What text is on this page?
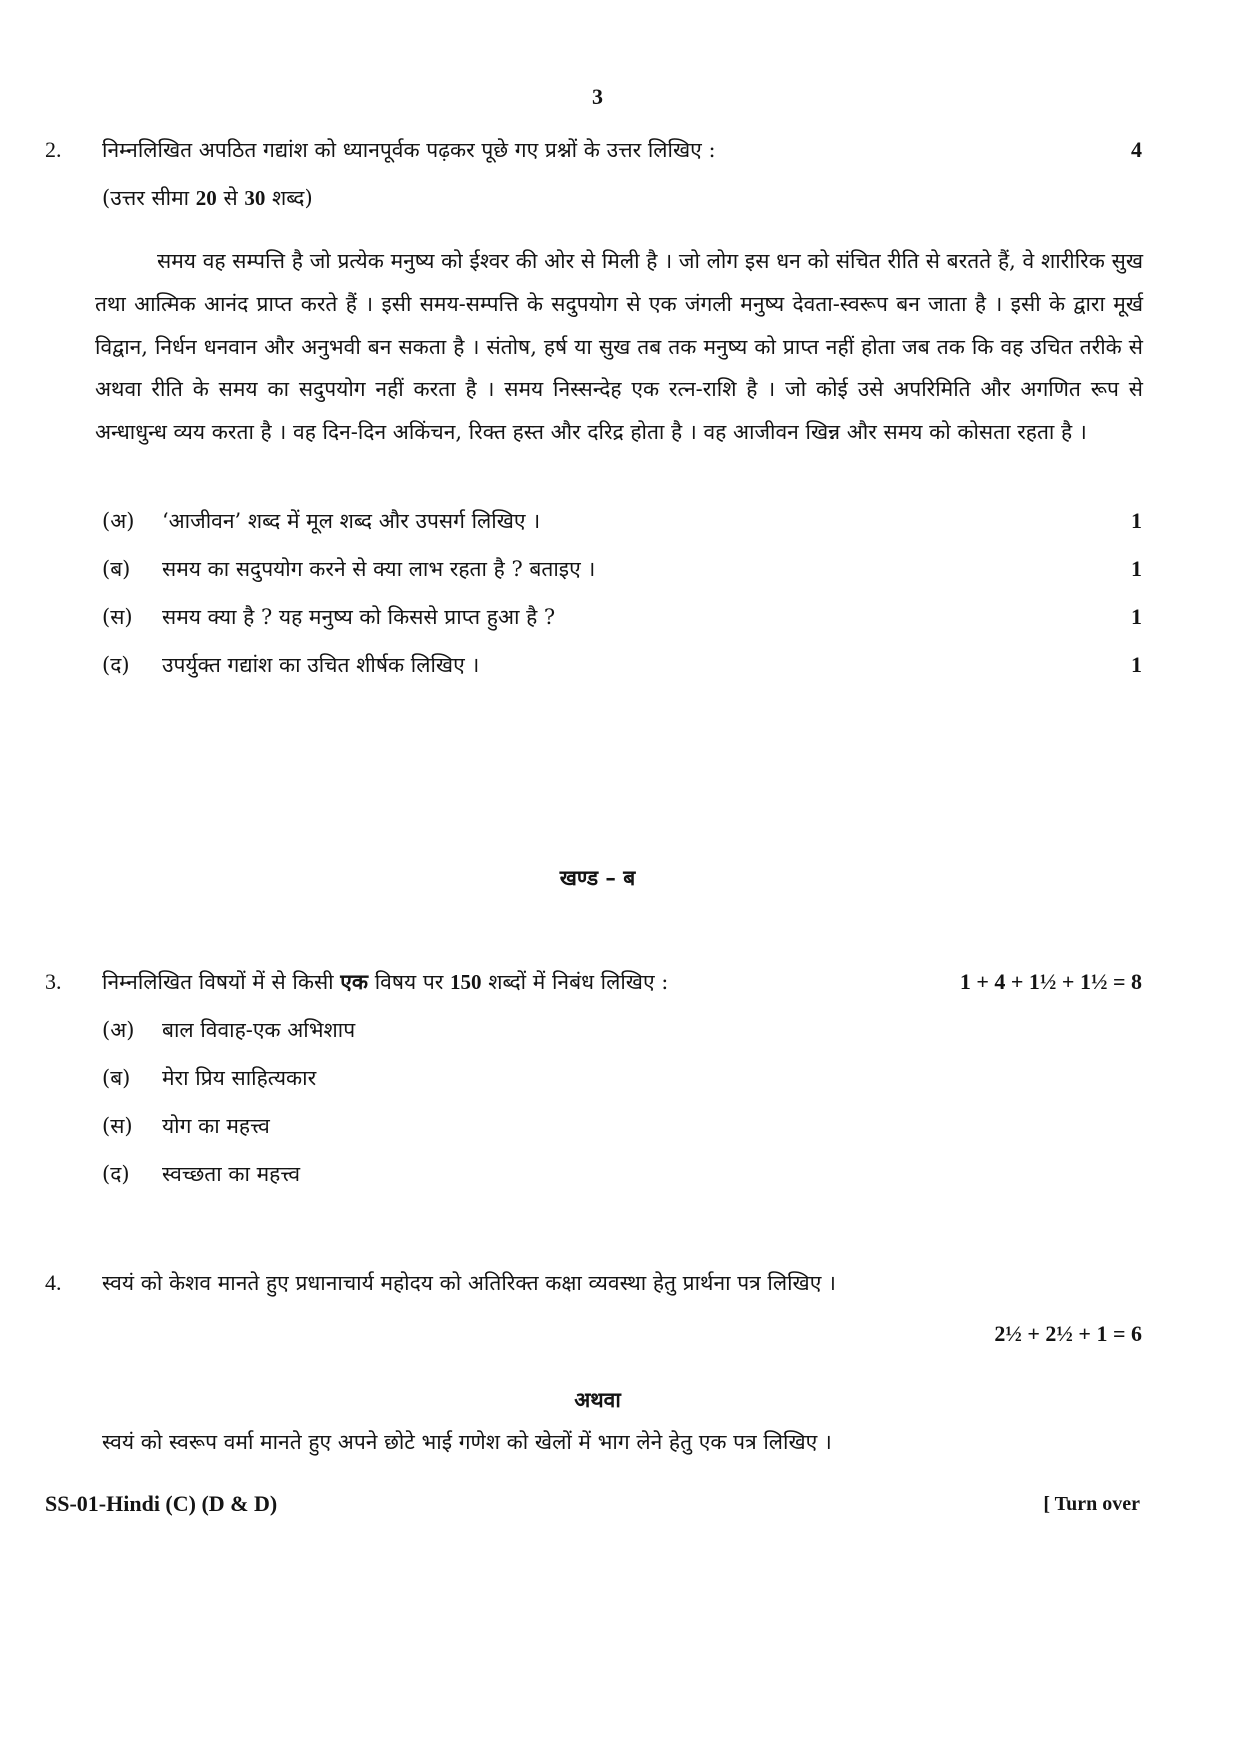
3
2. निम्नलिखित अपठित गद्यांश को ध्यानपूर्वक पढ़कर पूछे गए प्रश्नों के उत्तर लिखिए :	4
(उत्तर सीमा 20 से 30 शब्द)
समय वह सम्पत्ति है जो प्रत्येक मनुष्य को ईश्वर की ओर से मिली है । जो लोग इस धन को संचित रीति से बरतते हैं, वे शारीरिक सुख तथा आत्मिक आनंद प्राप्त करते हैं । इसी समय-सम्पत्ति के सदुपयोग से एक जंगली मनुष्य देवता-स्वरूप बन जाता है । इसी के द्वारा मूर्ख विद्वान, निर्धन धनवान और अनुभवी बन सकता है । संतोष, हर्ष या सुख तब तक मनुष्य को प्राप्त नहीं होता जब तक कि वह उचित तरीके से अथवा रीति के समय का सदुपयोग नहीं करता है । समय निस्सन्देह एक रत्न-राशि है । जो कोई उसे अपरिमिति और अगणित रूप से अन्धाधुन्ध व्यय करता है । वह दिन-दिन अकिंचन, रिक्त हस्त और दरिद्र होता है । वह आजीवन खिन्न और समय को कोसता रहता है ।
(अ) ‘आजीवन’ शब्द में मूल शब्द और उपसर्ग लिखिए ।	1
(ब) समय का सदुपयोग करने से क्या लाभ रहता है ? बताइए ।	1
(स) समय क्या है ? यह मनुष्य को किससे प्राप्त हुआ है ?	1
(द) उपर्युक्त गद्यांश का उचित शीर्षक लिखिए ।	1
खण्ड – ब
3. निम्नलिखित विषयों में से किसी एक विषय पर 150 शब्दों में निबंध लिखिए :	1 + 4 + 1½ + 1½ = 8
(अ) बाल विवाह-एक अभिशाप
(ब) मेरा प्रिय साहित्यकार
(स) योग का महत्त्व
(द) स्वच्छता का महत्त्व
4. स्वयं को केशव मानते हुए प्रधानाचार्य महोदय को अतिरिक्त कक्षा व्यवस्था हेतु प्रार्थना पत्र लिखिए ।
2½ + 2½ + 1 = 6
अथवा
स्वयं को स्वरूप वर्मा मानते हुए अपने छोटे भाई गणेश को खेलों में भाग लेने हेतु एक पत्र लिखिए ।
SS-01-Hindi (C) (D & D)	[ Turn over
